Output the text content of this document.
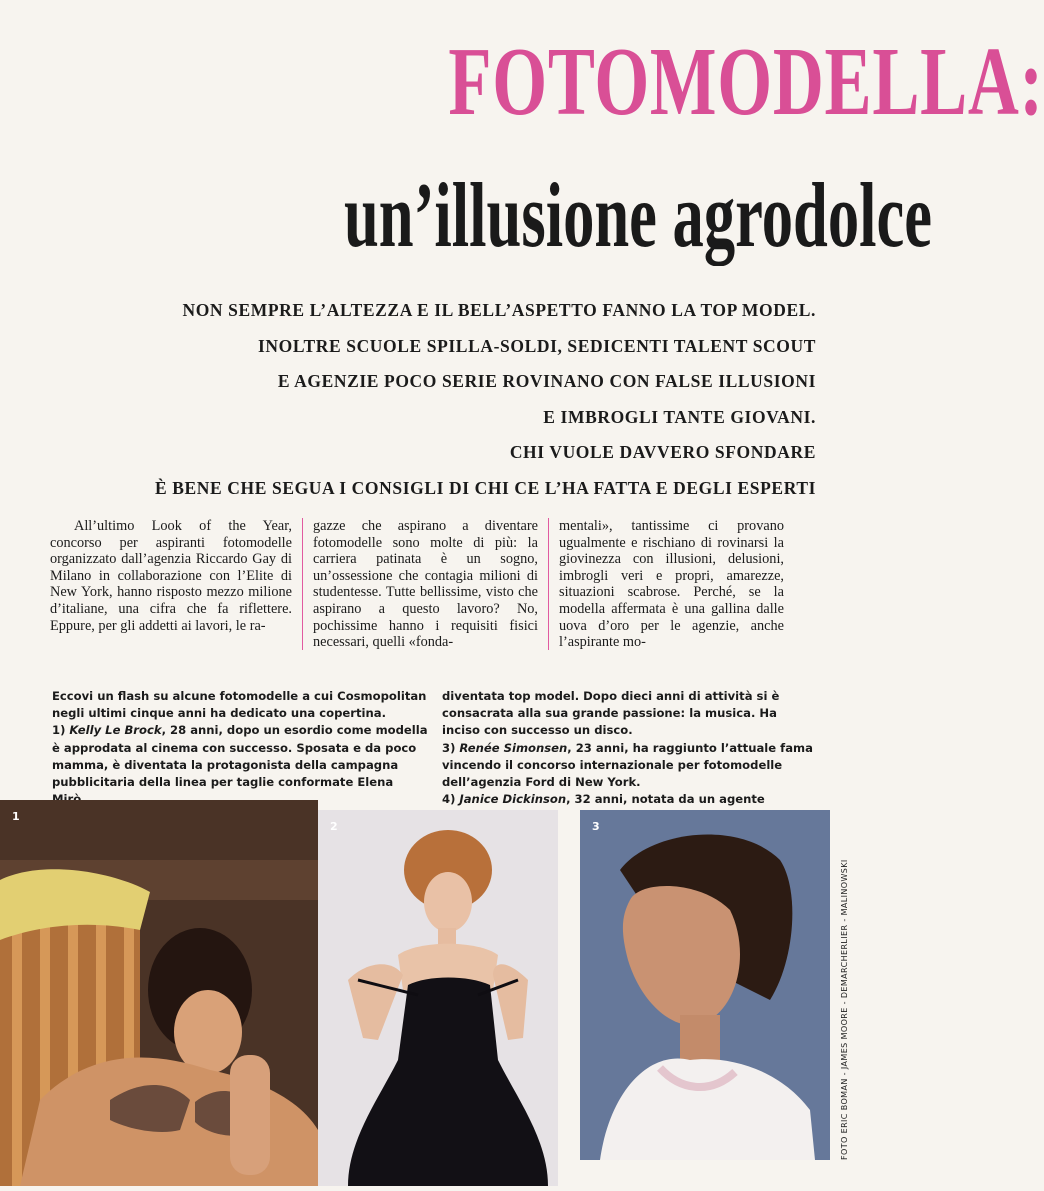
FOTOMODELLA:
un’illusione agrodolce
NON SEMPRE L’ALTEZZA E IL BELL’ASPETTO FANNO LA TOP MODEL.
INOLTRE SCUOLE SPILLA-SOLDI, SEDICENTI TALENT SCOUT
E AGENZIE POCO SERIE ROVINANO CON FALSE ILLUSIONI
E IMBROGLI TANTE GIOVANI.
CHI VUOLE DAVVERO SFONDARE
È BENE CHE SEGUA I CONSIGLI DI CHI CE L’HA FATTA E DEGLI ESPERTI
All’ultimo Look of the Year, concorso per aspiranti fotomodelle organizzato dall’agenzia Riccardo Gay di Milano in collaborazione con l’Elite di New York, hanno risposto mezzo milione d’italiane, una cifra che fa riflettere. Eppure, per gli addetti ai lavori, le ra-
gazze che aspirano a diventare fotomodelle sono molte di più: la carriera patinata è un sogno, un’ossessione che contagia milioni di studentesse. Tutte bellissime, visto che aspirano a questo lavoro? No, pochissime hanno i requisiti fisici necessari, quelli «fonda-
mentali», tantissime ci provano ugualmente e rischiano di rovinarsi la giovinezza con illusioni, delusioni, imbrogli veri e propri, amarezze, situazioni scabrose. Perché, se la modella affermata è una gallina dalle uova d’oro per le agenzie, anche l’aspirante mo-

Eccovi un flash su alcune fotomodelle a cui Cosmopolitan negli ultimi cinque anni ha dedicato una copertina.

1) Kelly Le Brock, 28 anni, dopo un esordio come modella è approdata al cinema con successo. Sposata e da poco mamma, è diventata la protagonista della campagna pubblicitaria della linea per taglie conformate Elena

diventata top model. Dopo dieci anni di attività si è consacrata alla sua grande passione: la musica. Ha inciso con successo un disco.

3) Renée Simonsen, 23 anni, ha raggiunto l’attuale fama vincendo il concorso internazionale per fotomodelle dell’agenzia Ford di New York.

4) Janice Dickinson, 32 anni, notata da un agente

1
2	3
FOTO ERIC BOMAN - JAMES MOORE - DEMARCHERLIER - MALINOWSKI
